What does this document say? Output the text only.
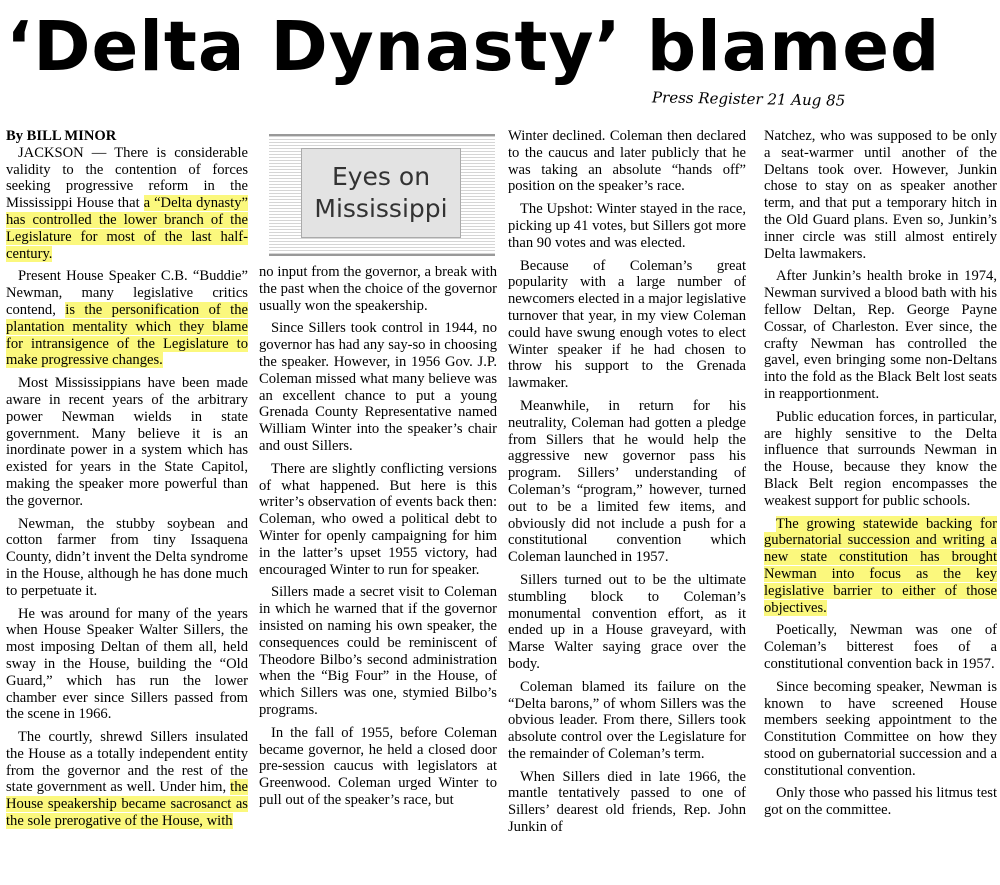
‘Delta Dynasty’ blamed
Press Register 21 Aug 85
Eyes on
Mississippi

By BILL MINOR

JACKSON — There is considerable validity to the contention of forces seeking progressive reform in the Mississippi House that a “Delta dynasty” has controlled the lower branch of the Legislature for most of the last half-century.

Present House Speaker C.B. “Buddie” Newman, many legislative critics contend, is the personification of the plantation mentality which they blame for intransigence of the Legislature to make progressive changes.

Most Mississippians have been made aware in recent years of the arbitrary power Newman wields in state government. Many believe it is an inordinate power in a system which has existed for years in the State Capitol, making the speaker more powerful than the governor.

Newman, the stubby soybean and cotton farmer from tiny Issaquena County, didn’t invent the Delta syndrome in the House, although he has done much to perpetuate it.

He was around for many of the years when House Speaker Walter Sillers, the most imposing Deltan of them all, held sway in the House, building the “Old Guard,” which has run the lower chamber ever since Sillers passed from the scene in 1966.

The courtly, shrewd Sillers insulated the House as a totally independent entity from the governor and the rest of the state government as well. Under him, the House speakership became sacrosanct as the sole prerogative of the House, with

no input from the governor, a break with the past when the choice of the governor usually won the speakership.

Since Sillers took control in 1944, no governor has had any say-so in choosing the speaker. However, in 1956 Gov. J.P. Coleman missed what many believe was an excellent chance to put a young Grenada County Representative named William Winter into the speaker’s chair and oust Sillers.

There are slightly conflicting versions of what happened. But here is this writer’s observation of events back then: Coleman, who owed a political debt to Winter for openly campaigning for him in the latter’s upset 1955 victory, had encouraged Winter to run for speaker.

Sillers made a secret visit to Coleman in which he warned that if the governor insisted on naming his own speaker, the consequences could be reminiscent of Theodore Bilbo’s second administration when the “Big Four” in the House, of which Sillers was one, stymied Bilbo’s programs.

In the fall of 1955, before Coleman became governor, he held a closed door pre-session caucus with legislators at Greenwood. Coleman urged Winter to pull out of the speaker’s race, but

Winter declined. Coleman then declared to the caucus and later publicly that he was taking an absolute “hands off” position on the speaker’s race.

The Upshot: Winter stayed in the race, picking up 41 votes, but Sillers got more than 90 votes and was elected.

Because of Coleman’s great popularity with a large number of newcomers elected in a major legislative turnover that year, in my view Coleman could have swung enough votes to elect Winter speaker if he had chosen to throw his support to the Grenada lawmaker.

Meanwhile, in return for his neutrality, Coleman had gotten a pledge from Sillers that he would help the aggressive new governor pass his program. Sillers’ understanding of Coleman’s “program,” however, turned out to be a limited few items, and obviously did not include a push for a constitutional convention which Coleman launched in 1957.

Sillers turned out to be the ultimate stumbling block to Coleman’s monumental convention effort, as it ended up in a House graveyard, with Marse Walter saying grace over the body.

Coleman blamed its failure on the “Delta barons,” of whom Sillers was the obvious leader. From there, Sillers took absolute control over the Legislature for the remainder of Coleman’s term.

When Sillers died in late 1966, the mantle tentatively passed to one of Sillers’ dearest old friends, Rep. John Junkin of

Natchez, who was supposed to be only a seat-warmer until another of the Deltans took over. However, Junkin chose to stay on as speaker another term, and that put a temporary hitch in the Old Guard plans. Even so, Junkin’s inner circle was still almost entirely Delta lawmakers.

After Junkin’s health broke in 1974, Newman survived a blood bath with his fellow Deltan, Rep. George Payne Cossar, of Charleston. Ever since, the crafty Newman has controlled the gavel, even bringing some non-Deltans into the fold as the Black Belt lost seats in reapportionment.

Public education forces, in particular, are highly sensitive to the Delta influence that surrounds Newman in the House, because they know the Black Belt region encompasses the weakest support for public schools.

The growing statewide backing for gubernatorial succession and writing a new state constitution has brought Newman into focus as the key legislative barrier to either of those objectives.

Poetically, Newman was one of Coleman’s bitterest foes of a constitutional convention back in 1957.

Since becoming speaker, Newman is known to have screened House members seeking appointment to the Constitution Committee on how they stood on gubernatorial succession and a constitutional convention.

Only those who passed his litmus test got on the committee.
